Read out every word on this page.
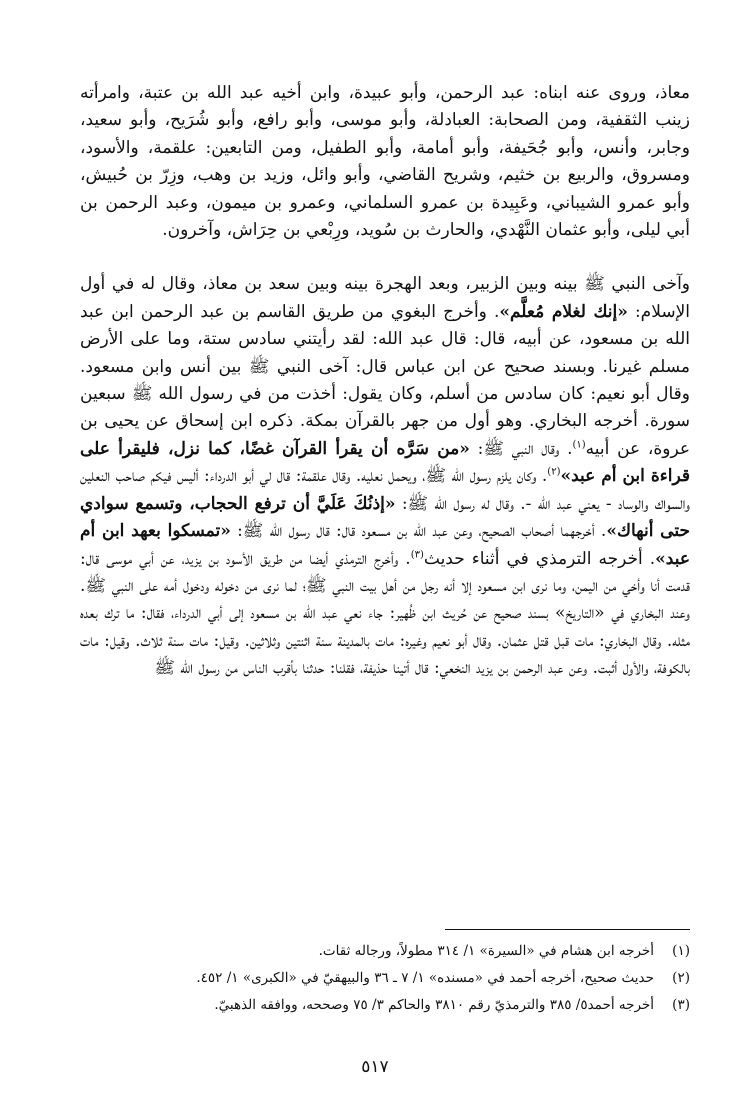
معاذ، وروى عنه ابناه: عبد الرحمن، وأبو عبيدة، وابن أخيه عبد الله بن عتبة، وامرأته زينب الثقفية، ومن الصحابة: العبادلة، وأبو موسى، وأبو رافع، وأبو شُرَيح، وأبو سعيد، وجابر، وأنس، وأبو جُحَيفة، وأبو أمامة، وأبو الطفيل، ومن التابعين: علقمة، والأسود، ومسروق، والربيع بن خثيم، وشريح القاضي، وأبو وائل، وزيد بن وهب، وزِرّ بن حُبيش، وأبو عمرو الشيباني، وعَبِيدة بن عمرو السلماني، وعمرو بن ميمون، وعبد الرحمن بن أبي ليلى، وأبو عثمان النَّهْدي، والحارث بن سُويد، ورِبْعي بن حِرَاش، وآخرون.

وآخى النبي ﷺ بينه وبين الزبير، وبعد الهجرة بينه وبين سعد بن معاذ، وقال له في أول الإسلام: «إنك لغلام مُعلَّم». وأخرج البغوي من طريق القاسم بن عبد الرحمن ابن عبد الله بن مسعود، عن أبيه، قال: قال عبد الله: لقد رأيتني سادس ستة، وما على الأرض مسلم غيرنا. وبسند صحيح عن ابن عباس قال: آخى النبي ﷺ بين أنس وابن مسعود. وقال أبو نعيم: كان سادس من أسلم، وكان يقول: أخذت من في رسول الله ﷺ سبعين سورة. أخرجه البخاري. وهو أول من جهر بالقرآن بمكة. ذكره ابن إسحاق عن يحيى بن عروة، عن أبيه$^{(١)}$. وقال النبي ﷺ: «من سَرَّه أن يقرأ القرآن غضًا، كما نزل، فليقرأ على قراءة ابن أم عبد»$^{(٢)}$. وكان يلزم رسول الله ﷺ، ويحمل نعليه. وقال علقمة: قال لي أبو الدرداء: أليس فيكم صاحب النعلين والسواك والوساد - يعني عبد الله -. وقال له رسول الله ﷺ: «إذنُكَ عَلَيَّ أن ترفع الحجاب، وتسمع سوادي حتى أنهاك». أخرجهما أصحاب الصحيح، وعن عبد الله بن مسعود قال: قال رسول الله ﷺ: «تمسكوا بعهد ابن أم عبد». أخرجه الترمذي في أثناء حديث$^{(٣)}$. وأخرج الترمذي أيضا من طريق الأسود بن يزيد، عن أبي موسى قال: قدمت أنا وأخي من اليمن، وما نرى ابن مسعود إلا أنه رجل من أهل بيت النبي ﷺ؛ لما نرى من دخوله ودخول أمه على النبي ﷺ. وعند البخاري في «التاريخ» بسند صحيح عن حُريث ابن ظُهير: جاء نعي عبد الله بن مسعود إلى أبي الدرداء، فقال: ما ترك بعده مثله. وقال البخاري: مات قبل قتل عثمان. وقال أبو نعيم وغيره: مات بالمدينة سنة اثنتين وثلاثين. وقيل: مات سنة ثلاث. وقيل: مات بالكوفة، والأول أثبت. وعن عبد الرحمن بن يزيد النخعي: قال أتينا حذيفة، فقلنا: حدثنا بأقرب الناس من رسول الله ﷺ

(١)
أخرجه ابن هشام في «السيرة» ١/ ٣١٤ مطولاً، ورجاله ثقات.
(٢)
حديث صحيح، أخرجه أحمد في «مسنده» ١/ ٧ ـ ٣٦ والبيهقيّ في «الكبرى» ١/ ٤٥٢.
(٣)
أخرجه أحمد٥/ ٣٨٥ والترمذيّ رقم ٣٨١٠ والحاكم ٣/ ٧٥ وصححه، ووافقه الذهبيّ.
٥١٧
